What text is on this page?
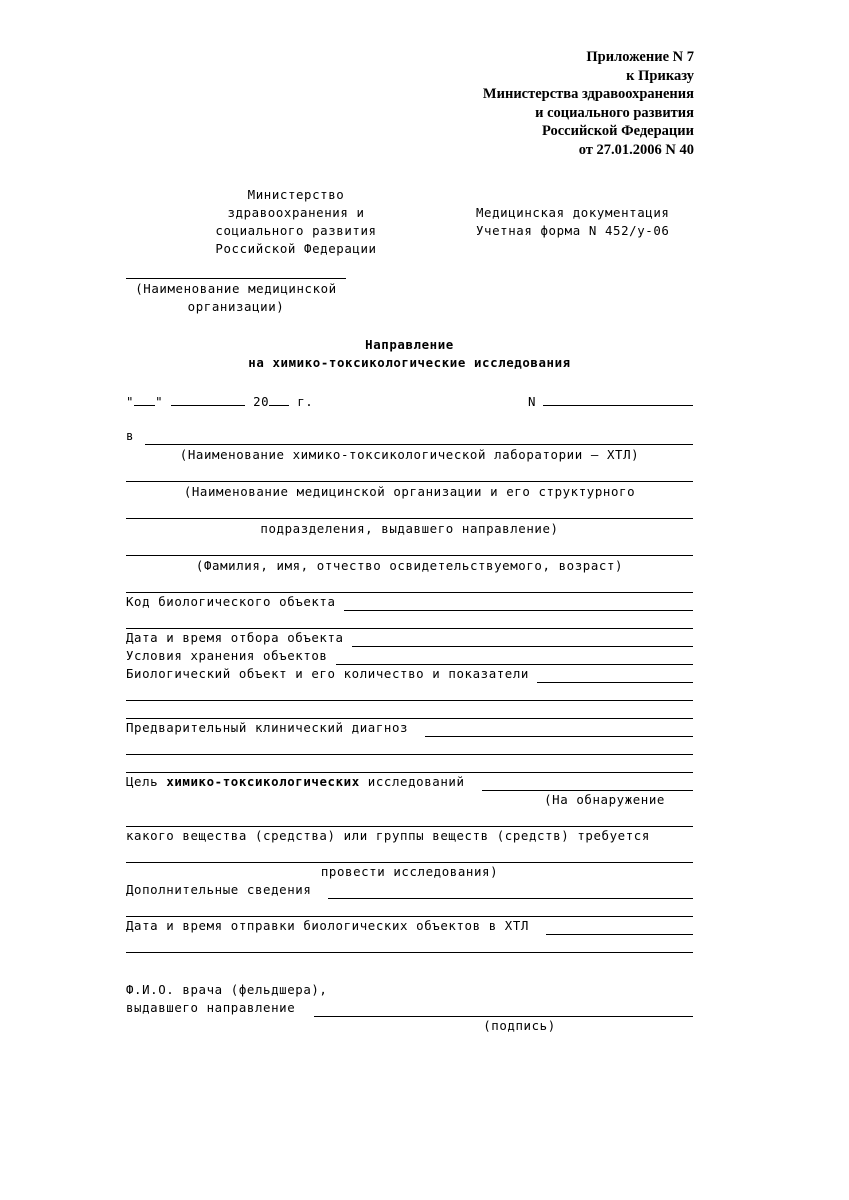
Приложение N 7
к Приказу
Министерства здравоохранения
и социального развития
Российской Федерации
от 27.01.2006 N 40
Министерство
здравоохранения и
социального развития
Российской Федерации
(Наименование медицинской
организации)
Медицинская документация
Учетная форма N 452/у-06
Направление
на химико-токсикологические исследования
" "	20 г.	N
в
(Наименование химико-токсикологической лаборатории – ХТЛ)
(Наименование медицинской организации и его структурного
подразделения, выдавшего направление)
(Фамилия, имя, отчество освидетельствуемого, возраст)
Код биологического объекта
Дата и время отбора объекта
Условия хранения объектов
Биологический объект и его количество и показатели
Предварительный клинический диагноз
Цель химико-токсикологических исследований
(На обнаружение
какого вещества (средства) или группы веществ (средств) требуется
провести исследования)
Дополнительные сведения
Дата и время отправки биологических объектов в ХТЛ
Ф.И.О. врача (фельдшера),
выдавшего направление
(подпись)
